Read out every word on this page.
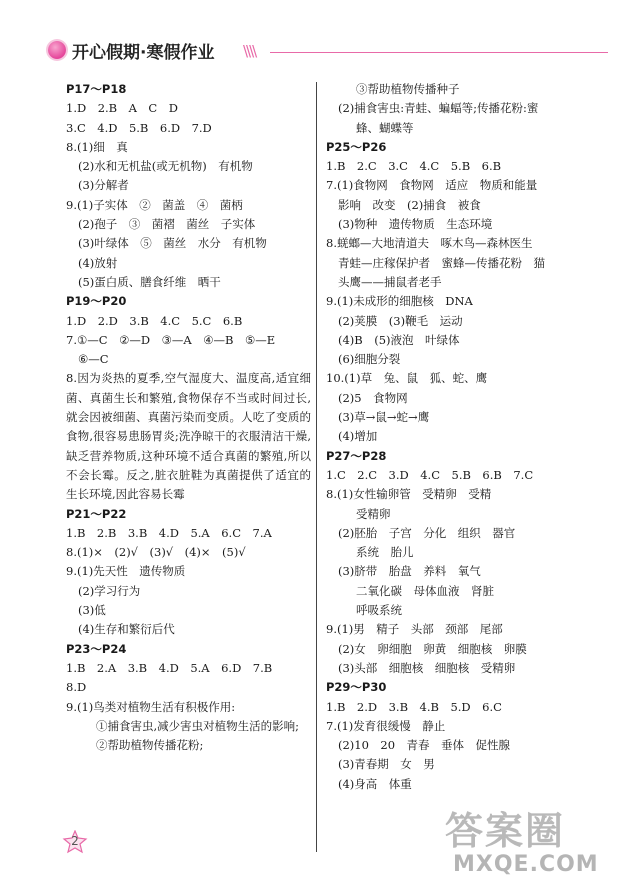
开心假期·寒假作业 \\\\
P17～P18
1.D　2.B　A　C　D
3.C　4.D　5.B　6.D　7.D
8.(1)细　真
(2)水和无机盐(或无机物)　有机物
(3)分解者
9.(1)子实体　②　菌盖　④　菌柄
(2)孢子　③　菌褶　菌丝　子实体
(3)叶绿体　⑤　菌丝　水分　有机物
(4)放射
(5)蛋白质、膳食纤维　晒干
P19～P20
1.D　2.D　3.B　4.C　5.C　6.B
7.①—C　②—D　③—A　④—B　⑤—E
⑥—C
8.因为炎热的夏季,空气湿度大、温度高,适宜细菌、真菌生长和繁殖,食物保存不当或时间过长,就会因被细菌、真菌污染而变质。人吃了变质的食物,很容易患肠胃炎;洗净晾干的衣服清洁干燥,缺乏营养物质,这种环境不适合真菌的繁殖,所以不会长霉。反之,脏衣脏鞋为真菌提供了适宜的生长环境,因此容易长霉
P21～P22
1.B　2.B　3.B　4.D　5.A　6.C　7.A
8.(1)×　(2)√　(3)√　(4)×　(5)√
9.(1)先天性　遗传物质
(2)学习行为
(3)低
(4)生存和繁衍后代
P23～P24
1.B　2.A　3.B　4.D　5.A　6.D　7.B
8.D
9.(1)鸟类对植物生活有积极作用:
①捕食害虫,减少害虫对植物生活的影响;
②帮助植物传播花粉;
③帮助植物传播种子
(2)捕食害虫:青蛙、蝙蝠等;传播花粉:蜜
蜂、蝴蝶等
P25～P26
1.B　2.C　3.C　4.C　5.B　6.B
7.(1)食物网　食物网　适应　物质和能量
影响　改变　(2)捕食　被食
(3)物种　遗传物质　生态环境
8.蜣螂—大地清道夫　啄木鸟—森林医生
青蛙—庄稼保护者　蜜蜂—传播花粉　猫
头鹰——捕鼠者老手
9.(1)未成形的细胞核　DNA
(2)荚膜　(3)鞭毛　运动
(4)B　(5)液泡　叶绿体
(6)细胞分裂
10.(1)草　兔、鼠　狐、蛇、鹰
(2)5　食物网
(3)草→鼠→蛇→鹰
(4)增加
P27～P28
1.C　2.C　3.D　4.C　5.B　6.B　7.C
8.(1)女性输卵管　受精卵　受精
受精卵
(2)胚胎　子宫　分化　组织　器官
系统　胎儿
(3)脐带　胎盘　养料　氧气
二氧化碳　母体血液　肾脏
呼吸系统
9.(1)男　精子　头部　颈部　尾部
(2)女　卵细胞　卵黄　细胞核　卵膜
(3)头部　细胞核　细胞核　受精卵
P29～P30
1.B　2.D　3.B　4.B　5.D　6.C
7.(1)发育很缓慢　静止
(2)10　20　青春　垂体　促性腺
(3)青春期　女　男
(4)身高　体重
2	答案圈
MXQE.COM
